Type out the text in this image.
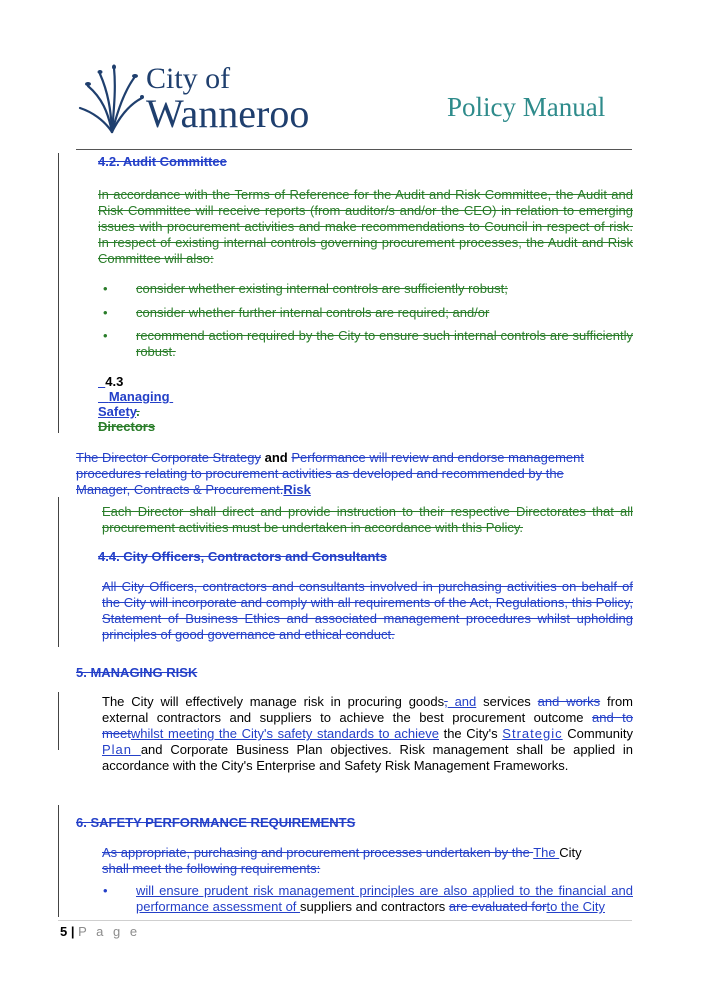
City of
Wanneroo	Policy Manual
4.2. Audit Committee
In accordance with the Terms of Reference for the Audit and Risk Committee, the Audit and Risk Committee will receive reports (from auditor/s and/or the CEO) in relation to emerging issues with procurement activities and make recommendations to Council in respect of risk. In respect of existing internal controls governing procurement processes, the Audit and Risk Committee will also:
• consider whether existing internal controls are sufficiently robust;
• consider whether further internal controls are required; and/or
• recommend action required by the City to ensure such internal controls are sufficiently robust.
4.3
Managing
Safety.
Directors
The Director Corporate Strategy and Performance will review and endorse management procedures relating to procurement activities as developed and recommended by the Manager, Contracts & Procurement.Risk
Each Director shall direct and provide instruction to their respective Directorates that all procurement activities must be undertaken in accordance with this Policy.
4.4. City Officers, Contractors and Consultants
All City Officers, contractors and consultants involved in purchasing activities on behalf of the City will incorporate and comply with all requirements of the Act, Regulations, this Policy, Statement of Business Ethics and associated management procedures whilst upholding principles of good governance and ethical conduct.
5. MANAGING RISK
The City will effectively manage risk in procuring goods, and services and works from external contractors and suppliers to achieve the best procurement outcome and to meetwhilst meeting the City's safety standards to achieve the City's Strategic Community Plan and Corporate Business Plan objectives. Risk management shall be applied in accordance with the City's Enterprise and Safety Risk Management Frameworks.
6. SAFETY PERFORMANCE REQUIREMENTS
As appropriate, purchasing and procurement processes undertaken by the The City
shall meet the following requirements:
• will ensure prudent risk management principles are also applied to the financial and performance assessment of suppliers and contractors are evaluated forto the City
5 | P a g e
